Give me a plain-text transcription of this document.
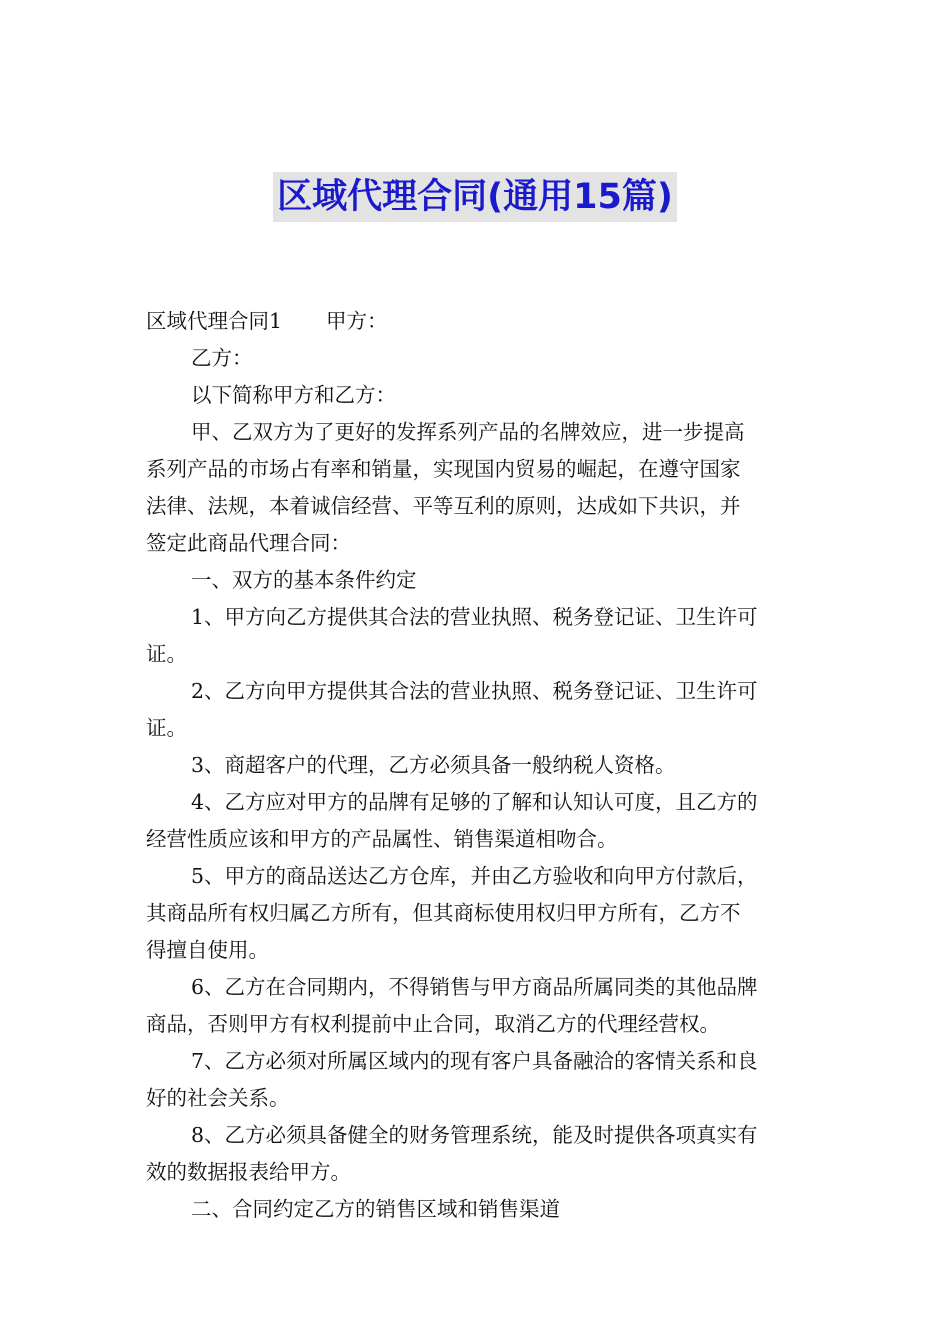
区域代理合同(通用15篇)

区域代理合同1 甲方：

乙方：

以下简称甲方和乙方：

甲、乙双方为了更好的发挥系列产品的名牌效应，进一步提高

系列产品的市场占有率和销量，实现国内贸易的崛起，在遵守国家

法律、法规，本着诚信经营、平等互利的原则，达成如下共识，并

签定此商品代理合同：

一、双方的基本条件约定

1、甲方向乙方提供其合法的营业执照、税务登记证、卫生许可

证。

2、乙方向甲方提供其合法的营业执照、税务登记证、卫生许可

证。

3、商超客户的代理，乙方必须具备一般纳税人资格。

4、乙方应对甲方的品牌有足够的了解和认知认可度，且乙方的

经营性质应该和甲方的产品属性、销售渠道相吻合。

5、甲方的商品送达乙方仓库，并由乙方验收和向甲方付款后，

其商品所有权归属乙方所有，但其商标使用权归甲方所有，乙方不

得擅自使用。

6、乙方在合同期内，不得销售与甲方商品所属同类的其他品牌

商品，否则甲方有权利提前中止合同，取消乙方的代理经营权。

7、乙方必须对所属区域内的现有客户具备融洽的客情关系和良

好的社会关系。

8、乙方必须具备健全的财务管理系统，能及时提供各项真实有

效的数据报表给甲方。

二、合同约定乙方的销售区域和销售渠道
